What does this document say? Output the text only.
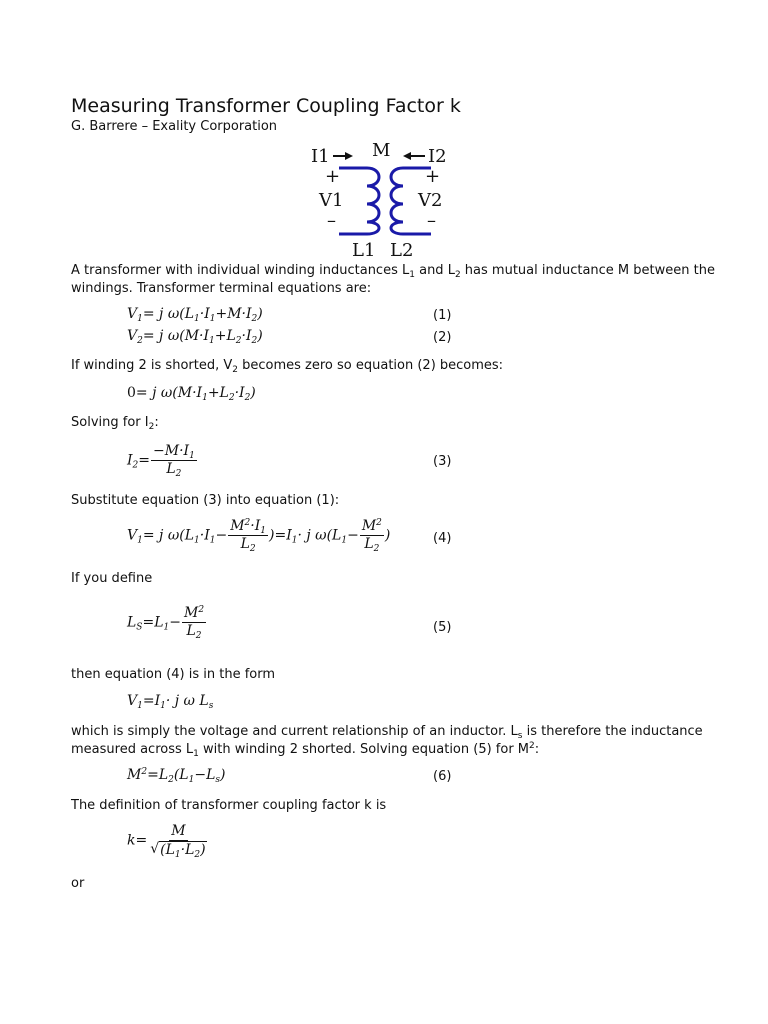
Measuring Transformer Coupling Factor k
G. Barrere – Exality Corporation
I1 M I2
+	+
V1	V2
–	–
L1 L2
A transformer with individual winding inductances $L_1$ and $L_2$ has mutual inductance M between the
windings. Transformer terminal equations are:
$V_1= j$ $\omega(L_1\cdot I_1+M\cdot I_2)$	(1)
$V_2= j$ $\omega(M\cdot I_1+L_2\cdot I_2)$	(2)
If winding 2 is shorted, $V_2$ becomes zero so equation (2) becomes:
0= j $\omega(M\cdot I_1+L_2\cdot I_2)$
Solving for $I_2$:
$I_2= \frac{-M\cdot I_1}{L_2}$	(3)
Substitute equation (3) into equation (1):
$V_1= j$ $\omega(L_1\cdot I_1- \frac{M^2\cdot I_1}{L_2} )=I_1\cdot j$ $\omega(L_1- \frac{M^2}{L_2}$ )	(4)
If you define
$L_S=L_1- \frac{M^2}{L_2}$	(5)
then equation (4) is in the form
$V_1=I_1\cdot j$ ω $L_s$
which is simply the voltage and current relationship of an inductor. $L_s$ is therefore the inductance
measured across $L_1$ with winding 2 shorted. Solving equation (5) for $M^2$:
$M^2=L_2(L_1-L_s)$	(6)
The definition of transformer coupling factor k is
$k= \frac{M}{√ (L_1\cdot L_2)}$
or
